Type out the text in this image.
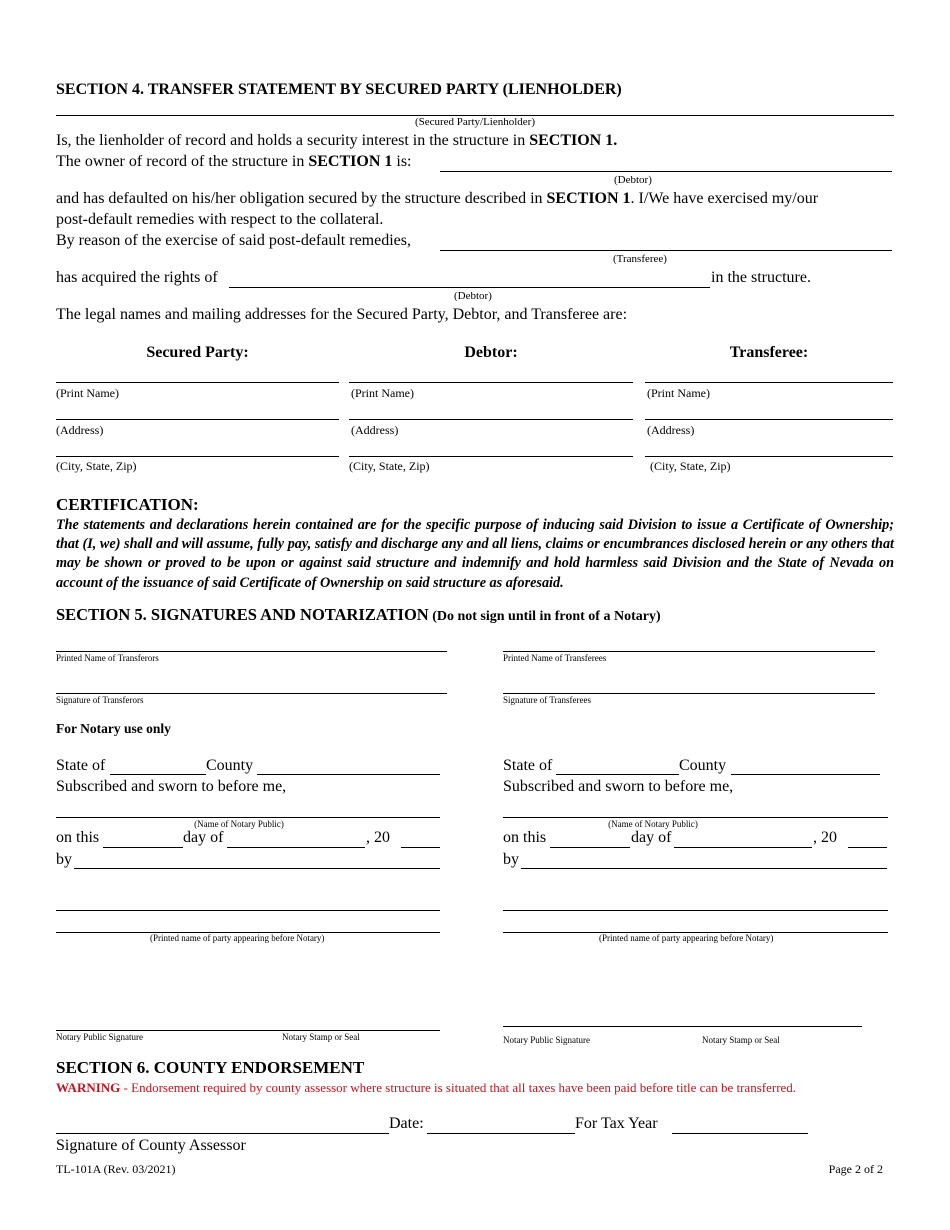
SECTION 4. TRANSFER STATEMENT BY SECURED PARTY (LIENHOLDER)
(Secured Party/Lienholder)
Is, the lienholder of record and holds a security interest in the structure in SECTION 1.
The owner of record of the structure in SECTION 1 is:
(Debtor)
and has defaulted on his/her obligation secured by the structure described in SECTION 1. I/We have exercised my/our
post-default remedies with respect to the collateral.
By reason of the exercise of said post-default remedies,
(Transferee)
has acquired the rights of	in the structure.
(Debtor)
The legal names and mailing addresses for the Secured Party, Debtor, and Transferee are:
Secured Party:	Debtor:	Transferee:
(Print Name)	(Print Name)	(Print Name)
(Address)	(Address)	(Address)
(City, State, Zip)	(City, State, Zip)	(City, State, Zip)
CERTIFICATION:
The statements and declarations herein contained are for the specific purpose of inducing said Division to issue a Certificate of Ownership; that (I, we) shall and will assume, fully pay, satisfy and discharge any and all liens, claims or encumbrances disclosed herein or any others that may be shown or proved to be upon or against said structure and indemnify and hold harmless said Division and the State of Nevada on account of the issuance of said Certificate of Ownership on said structure as aforesaid.
SECTION 5. SIGNATURES AND NOTARIZATION (Do not sign until in front of a Notary)
Printed Name of Transferors	Printed Name of Transferees
Signature of Transferors	Signature of Transferees
For Notary use only
State of	County
Subscribed and sworn to before me,
(Name of Notary Public)
on this	day of	, 20
by
(Printed name of party appearing before Notary)
Notary Public Signature	Notary Stamp or Seal
State of	County
Subscribed and sworn to before me,
(Name of Notary Public)
on this	day of	, 20
by
(Printed name of party appearing before Notary)
Notary Public Signature	Notary Stamp or Seal
SECTION 6. COUNTY ENDORSEMENT
WARNING - Endorsement required by county assessor where structure is situated that all taxes have been paid before title can be transferred.
Date:	For Tax Year
Signature of County Assessor
TL-101A (Rev. 03/2021)	Page 2 of 2
